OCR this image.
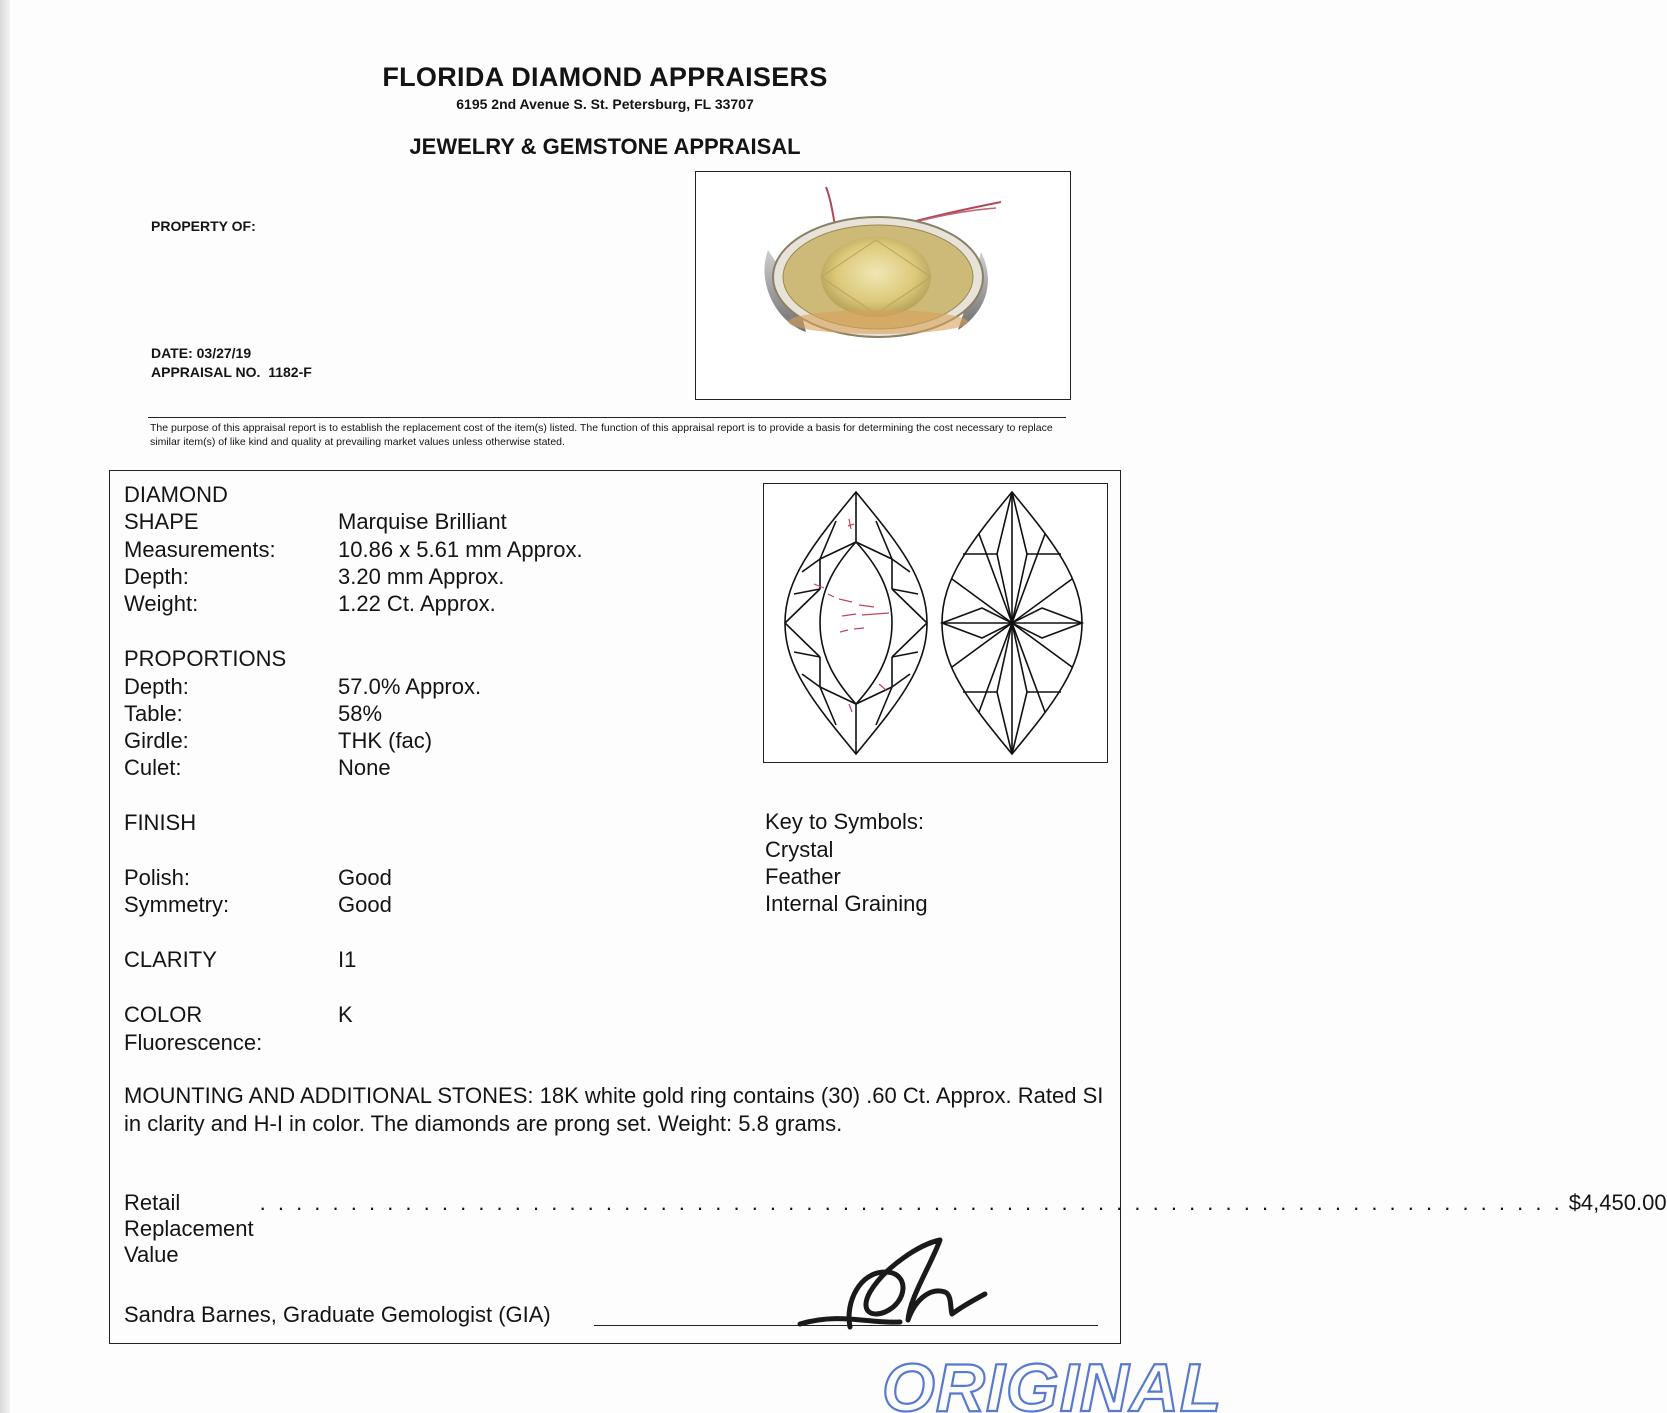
FLORIDA DIAMOND APPRAISERS
6195 2nd Avenue S. St. Petersburg, FL 33707
JEWELRY & GEMSTONE APPRAISAL
PROPERTY OF:
DATE: 03/27/19
APPRAISAL NO. 1182-F
The purpose of this appraisal report is to establish the replacement cost of the item(s) listed. The function of this appraisal report is to provide a basis for determining the cost necessary to replace similar item(s) of like kind and quality at prevailing market values unless otherwise stated.
DIAMOND
SHAPE	Marquise Brilliant
Measurements:	10.86 x 5.61 mm Approx.
Depth:	3.20 mm Approx.
Weight:	1.22 Ct. Approx.
PROPORTIONS
Depth:	57.0% Approx.
Table:	58%
Girdle:	THK (fac)
Culet:	None
FINISH
Polish:	Good
Symmetry:	Good
CLARITY	I1
COLOR	K
Fluorescence:
Key to Symbols:
Crystal
Feather
Internal Graining
MOUNTING AND ADDITIONAL STONES: 18K white gold ring contains (30) .60 Ct. Approx. Rated SI in clarity and H-I in color. The diamonds are prong set. Weight: 5.8 grams.
Retail Replacement Value
. . . . . . . . . . . . . . . . . . . . . . . . . . . . . . . . . . . . . . . . . . . . . . . . . . . . . . . . . . . . . . . . . . . . . . . . $4,450.00
Sandra Barnes, Graduate Gemologist (GIA)
ORIGINAL
